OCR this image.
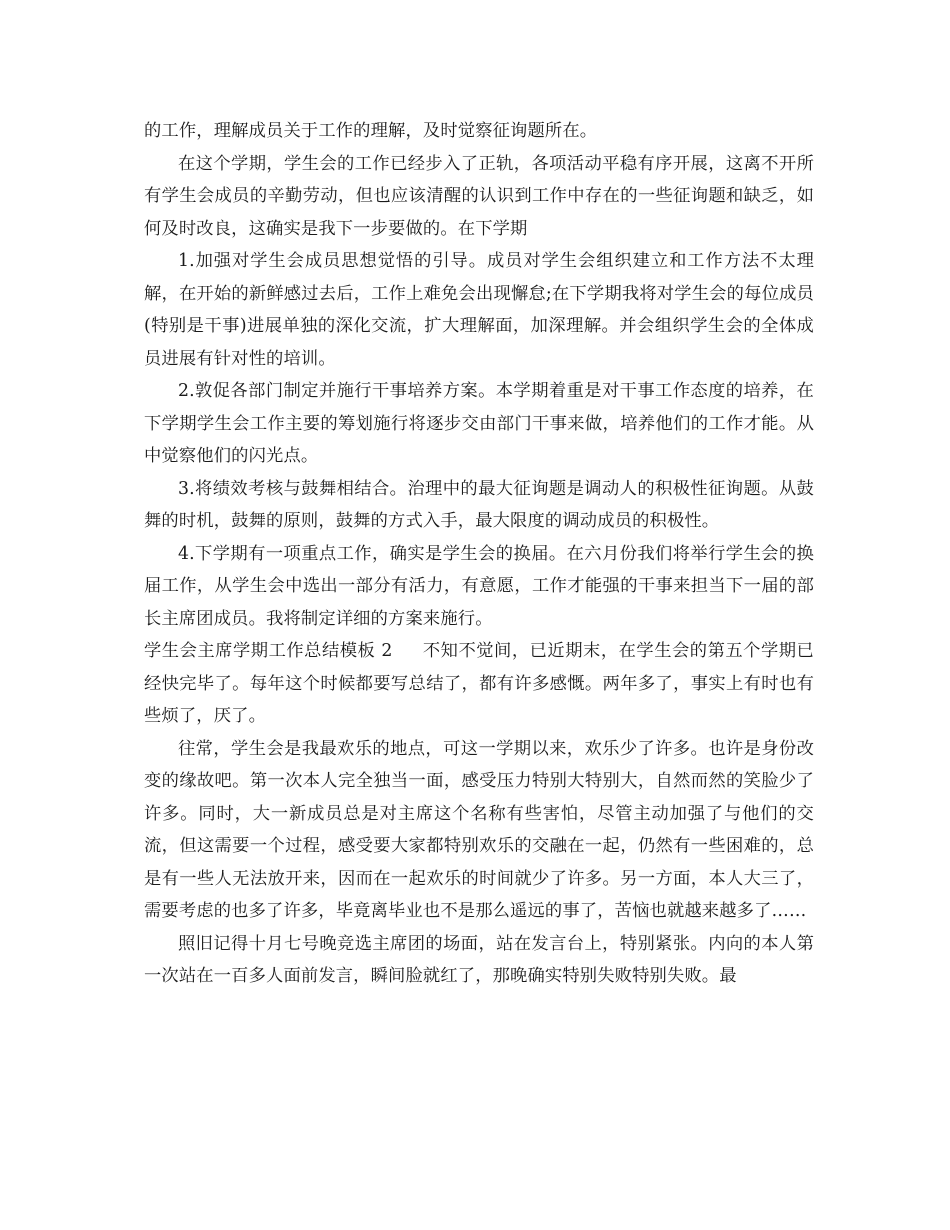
的工作，理解成员关于工作的理解，及时觉察征询题所在。

在这个学期，学生会的工作已经步入了正轨，各项活动平稳有序开展，这离不开所有学生会成员的辛勤劳动，但也应该清醒的认识到工作中存在的一些征询题和缺乏，如何及时改良，这确实是我下一步要做的。在下学期

1.加强对学生会成员思想觉悟的引导。成员对学生会组织建立和工作方法不太理解，在开始的新鲜感过去后，工作上难免会出现懈怠;在下学期我将对学生会的每位成员(特别是干事)进展单独的深化交流，扩大理解面，加深理解。并会组织学生会的全体成员进展有针对性的培训。

2.敦促各部门制定并施行干事培养方案。本学期着重是对干事工作态度的培养，在下学期学生会工作主要的筹划施行将逐步交由部门干事来做，培养他们的工作才能。从中觉察他们的闪光点。

3.将绩效考核与鼓舞相结合。治理中的最大征询题是调动人的积极性征询题。从鼓舞的时机，鼓舞的原则，鼓舞的方式入手，最大限度的调动成员的积极性。

4.下学期有一项重点工作，确实是学生会的换届。在六月份我们将举行学生会的换届工作，从学生会中选出一部分有活力，有意愿，工作才能强的干事来担当下一届的部长主席团成员。我将制定详细的方案来施行。

学生会主席学期工作总结模板 2 不知不觉间，已近期末，在学生会的第五个学期已经快完毕了。每年这个时候都要写总结了，都有许多感慨。两年多了，事实上有时也有些烦了，厌了。

往常，学生会是我最欢乐的地点，可这一学期以来，欢乐少了许多。也许是身份改变的缘故吧。第一次本人完全独当一面，感受压力特别大特别大，自然而然的笑脸少了许多。同时，大一新成员总是对主席这个名称有些害怕，尽管主动加强了与他们的交流，但这需要一个过程，感受要大家都特别欢乐的交融在一起，仍然有一些困难的，总是有一些人无法放开来，因而在一起欢乐的时间就少了许多。另一方面，本人大三了，需要考虑的也多了许多，毕竟离毕业也不是那么遥远的事了，苦恼也就越来越多了……

照旧记得十月七号晚竞选主席团的场面，站在发言台上，特别紧张。内向的本人第一次站在一百多人面前发言，瞬间脸就红了，那晚确实特别失败特别失败。最
